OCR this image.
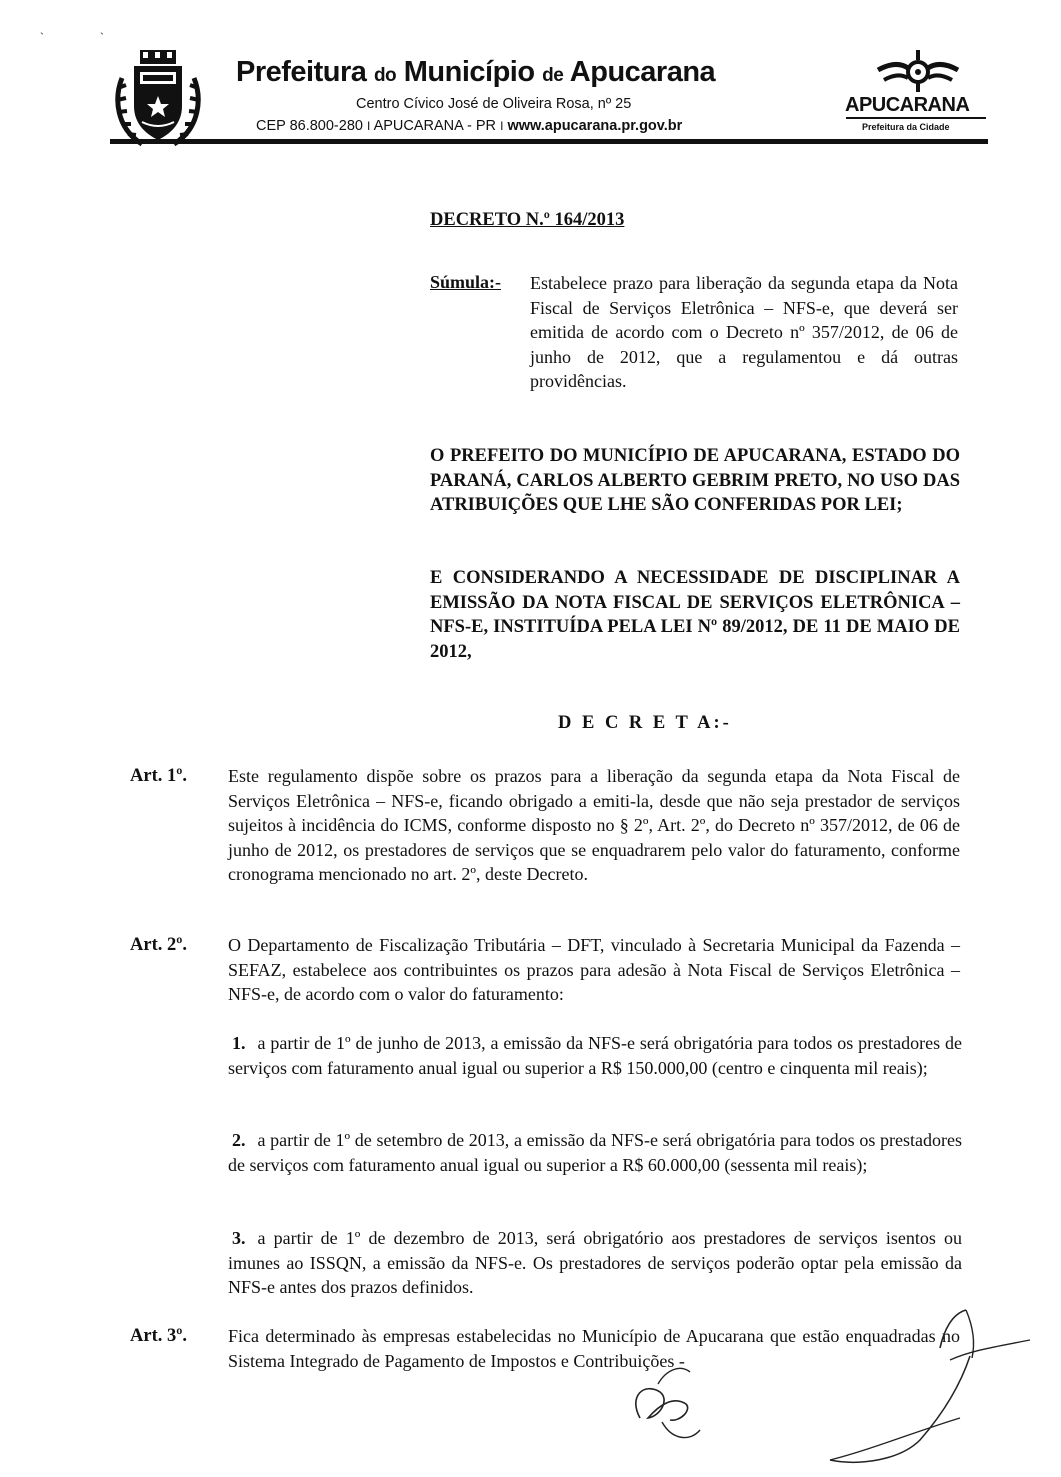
`	`
Prefeitura do Município de Apucarana
Centro Cívico José de Oliveira Rosa, nº 25
CEP 86.800-280 I APUCARANA - PR I www.apucarana.pr.gov.br
APUCARANA
Prefeitura da Cidade
DECRETO N.º 164/2013
Súmula:- Estabelece prazo para liberação da segunda etapa da Nota Fiscal de Serviços Eletrônica – NFS-e, que deverá ser emitida de acordo com o Decreto nº 357/2012, de 06 de junho de 2012, que a regulamentou e dá outras providências.
O PREFEITO DO MUNICÍPIO DE APUCARANA, ESTADO DO PARANÁ, CARLOS ALBERTO GEBRIM PRETO, NO USO DAS ATRIBUIÇÕES QUE LHE SÃO CONFERIDAS POR LEI;
E CONSIDERANDO A NECESSIDADE DE DISCIPLINAR A EMISSÃO DA NOTA FISCAL DE SERVIÇOS ELETRÔNICA – NFS-E, INSTITUÍDA PELA LEI Nº 89/2012, DE 11 DE MAIO DE 2012,
D E C R E T A:-
Art. 1º. Este regulamento dispõe sobre os prazos para a liberação da segunda etapa da Nota Fiscal de Serviços Eletrônica – NFS-e, ficando obrigado a emiti-la, desde que não seja prestador de serviços sujeitos à incidência do ICMS, conforme disposto no § 2º, Art. 2º, do Decreto nº 357/2012, de 06 de junho de 2012, os prestadores de serviços que se enquadrarem pelo valor do faturamento, conforme cronograma mencionado no art. 2º, deste Decreto.
Art. 2º. O Departamento de Fiscalização Tributária – DFT, vinculado à Secretaria Municipal da Fazenda – SEFAZ, estabelece aos contribuintes os prazos para adesão à Nota Fiscal de Serviços Eletrônica – NFS-e, de acordo com o valor do faturamento:
1. a partir de 1º de junho de 2013, a emissão da NFS-e será obrigatória para todos os prestadores de serviços com faturamento anual igual ou superior a R$ 150.000,00 (centro e cinquenta mil reais);
2. a partir de 1º de setembro de 2013, a emissão da NFS-e será obrigatória para todos os prestadores de serviços com faturamento anual igual ou superior a R$ 60.000,00 (sessenta mil reais);
3. a partir de 1º de dezembro de 2013, será obrigatório aos prestadores de serviços isentos ou imunes ao ISSQN, a emissão da NFS-e. Os prestadores de serviços poderão optar pela emissão da NFS-e antes dos prazos definidos.
Art. 3º. Fica determinado às empresas estabelecidas no Município de Apucarana que estão enquadradas no Sistema Integrado de Pagamento de Impostos e Contribuições -
